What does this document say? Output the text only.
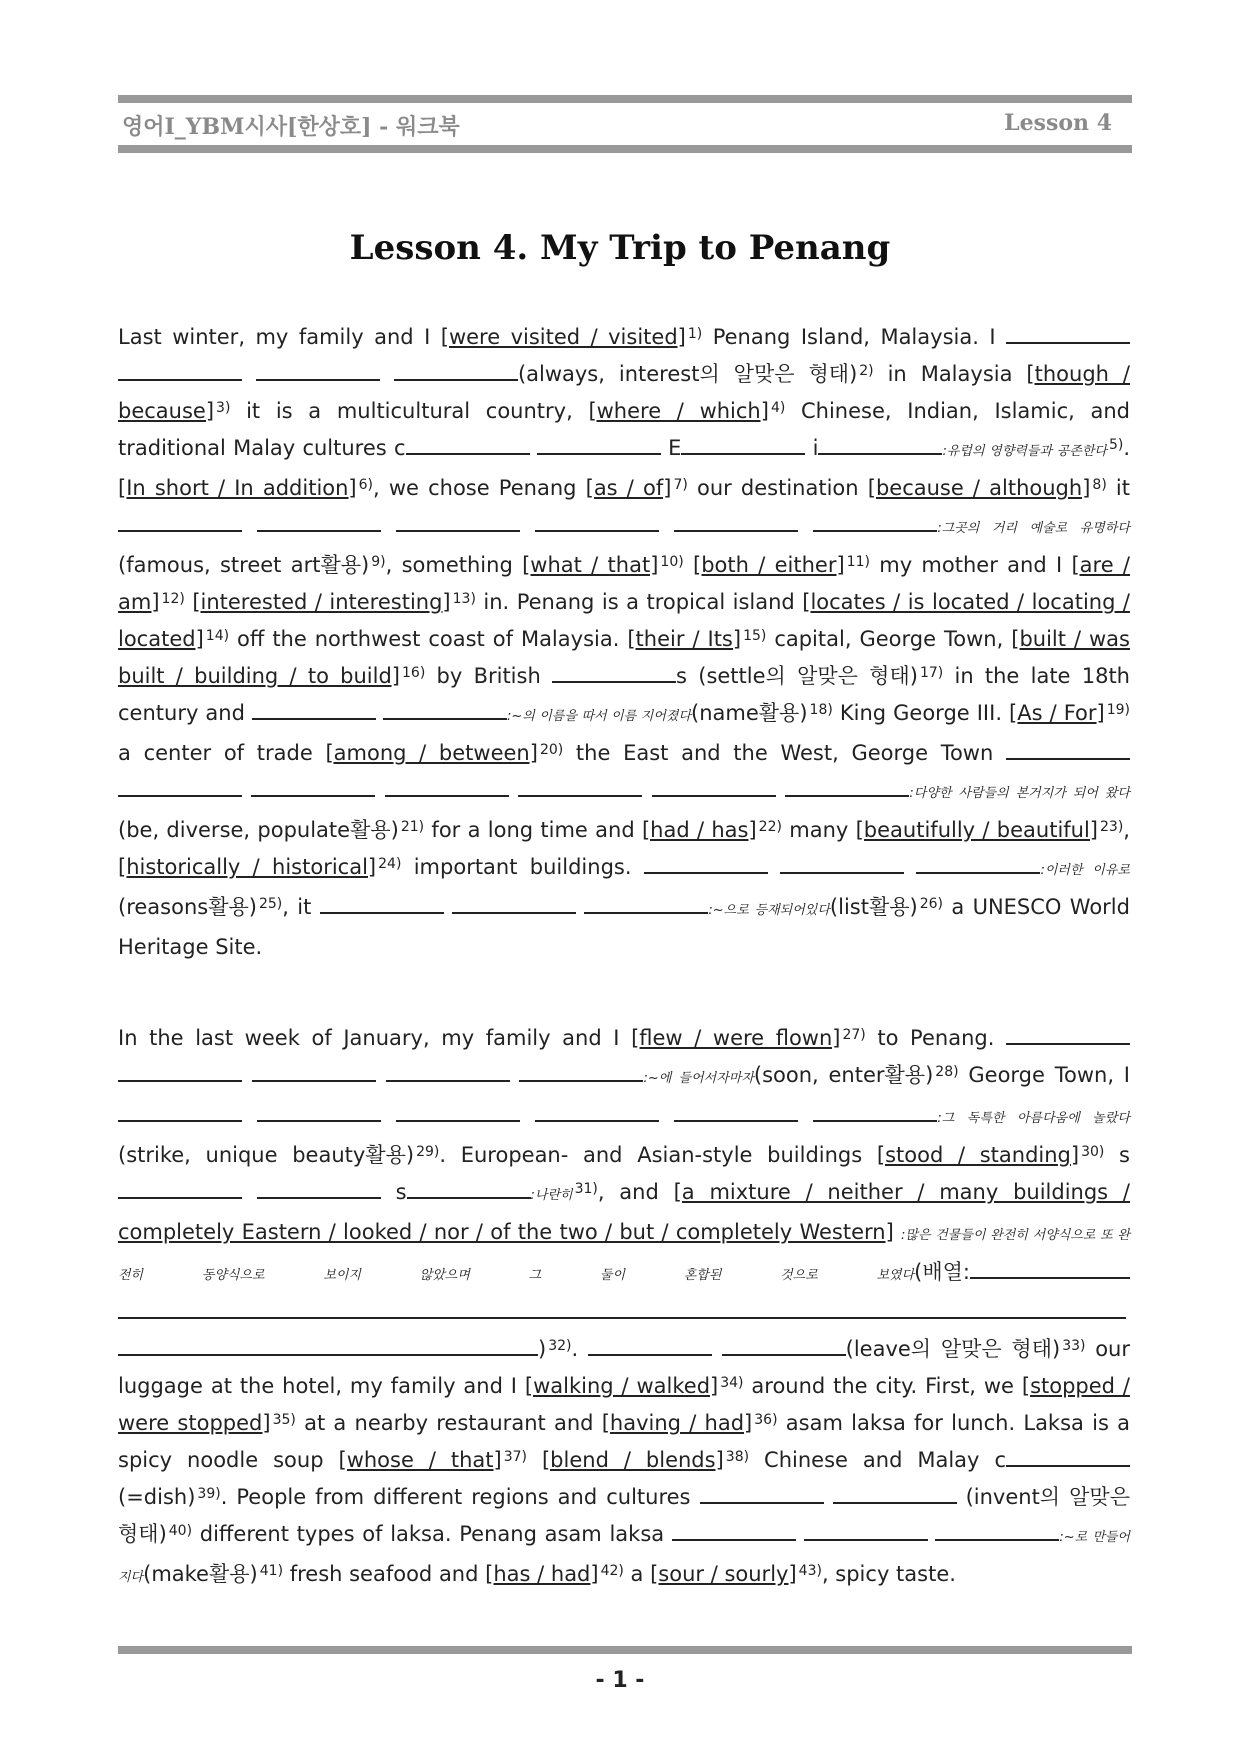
영어I_YBM시사[한상호] - 워크북	Lesson 4
Lesson 4. My Trip to Penang
Last winter, my family and I [were visited / visited] $^{1)}$ Penang Island, Malaysia. I    (always, interest의 알맞은 형태) $^{2)}$ in Malaysia [though / because] $^{3)}$ it is a multicultural country, [where / which] $^{4)}$ Chinese, Indian, Islamic, and traditional Malay cultures c	E	i	:유럽의 영향력들과 공존한다 $^{5)}$. [In short / In addition] $^{6)}$, we chose Penang [as / of] $^{7)}$ our destination [because / although] $^{8)}$ it      :그곳의 거리 예술로 유명하다(famous, street art활용) $^{9)}$, something [what / that] $^{10)}$ [both / either] $^{11)}$ my mother and I [are / am] $^{12)}$ [interested / interesting] $^{13)}$ in. Penang is a tropical island [locates / is located / locating / located] $^{14)}$ off the northwest coast of Malaysia. [their / Its] $^{15)}$ capital, George Town, [built / was built / building / to build] $^{16)}$ by British	s (settle의 알맞은 형태) $^{17)}$ in the late 18th century and	:~의 이름을 따서 이름 지어졌다(name활용) $^{18)}$ King George III. [As / For] $^{19)}$ a center of trade [among / between] $^{20)}$ the East and the West, George Town       :다양한 사람들의 본거지가 되어 왔다(be, diverse, populate활용) $^{21)}$ for a long time and [had / has] $^{22)}$ many [beautifully / beautiful] $^{23)}$, [historically / historical] $^{24)}$ important buildings.	:이러한 이유로(reasons활용) $^{25)}$, it	:~으로 등재되어있다(list활용) $^{26)}$ a UNESCO World Heritage Site.
In the last week of January, my family and I [flew / were flown] $^{27)}$ to Penang.     :~에 들어서자마자(soon, enter활용) $^{28)}$ George Town, I      :그 독특한 아름다움에 놀랐다(strike, unique beauty활용) $^{29)}$. European- and Asian-style buildings [stood / standing] $^{30)}$ s  s	:나란히 $^{31)}$, and [a mixture / neither / many buildings / completely Eastern / looked / nor / of the two / but / completely Western] :많은 건물들이 완전히 서양식으로 또 완전히 동양식으로 보이지 않았으며 그 둘이 혼합된 것으로 보였다(배열:  ) $^{32)}$.	(leave의 알맞은 형태) $^{33)}$ our luggage at the hotel, my family and I [walking / walked] $^{34)}$ around the city. First, we [stopped / were stopped] $^{35)}$ at a nearby restaurant and [having / had] $^{36)}$ asam laksa for lunch. Laksa is a spicy noodle soup [whose / that] $^{37)}$ [blend / blends] $^{38)}$ Chinese and Malay c(=dish) $^{39)}$. People from different regions and cultures	(invent의 알맞은 형태) $^{40)}$ different types of laksa. Penang asam laksa	:~로 만들어지다(make활용) $^{41)}$ fresh seafood and [has / had] $^{42)}$ a [sour / sourly] $^{43)}$, spicy taste.
- 1 -
